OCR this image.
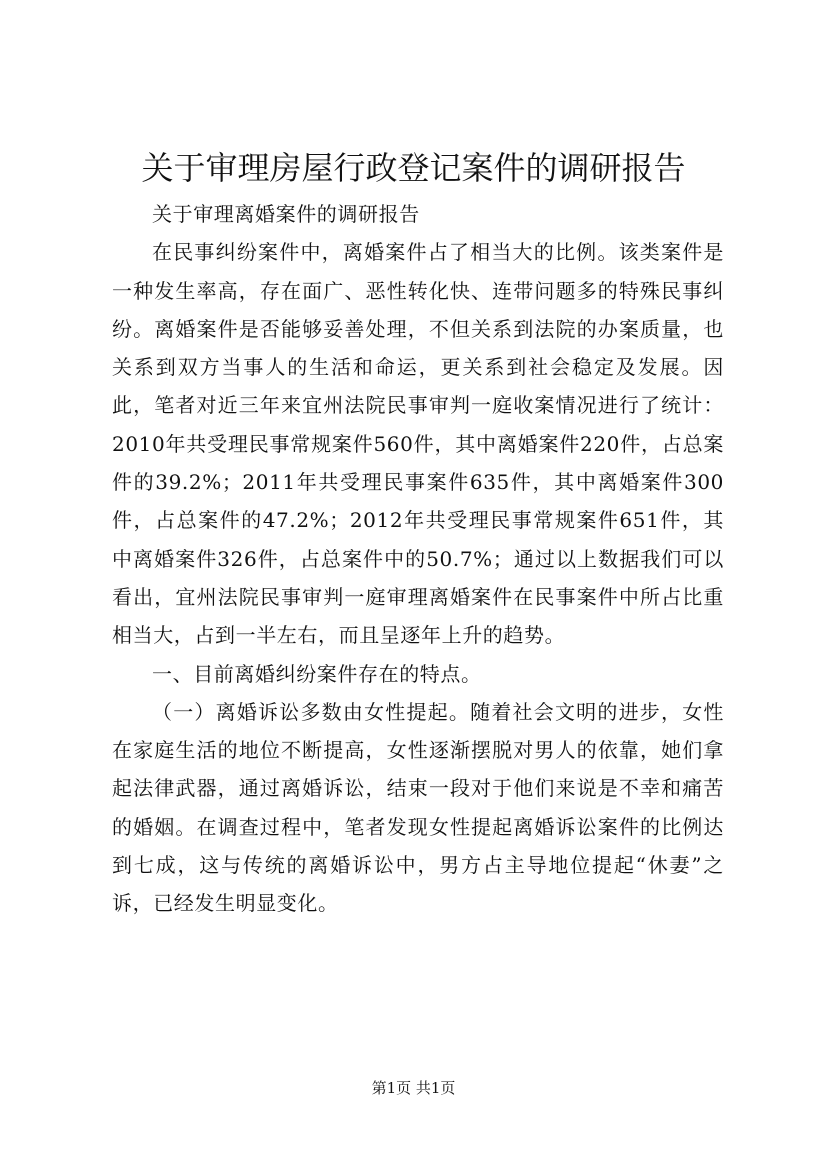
关于审理房屋行政登记案件的调研报告

关于审理离婚案件的调研报告

在民事纠纷案件中，离婚案件占了相当大的比例。该类案件是一种发生率高，存在面广、恶性转化快、连带问题多的特殊民事纠纷。离婚案件是否能够妥善处理，不但关系到法院的办案质量，也关系到双方当事人的生活和命运，更关系到社会稳定及发展。因此，笔者对近三年来宜州法院民事审判一庭收案情况进行了统计：2010年共受理民事常规案件560件，其中离婚案件220件，占总案件的39.2%；2011年共受理民事案件635件，其中离婚案件300件，占总案件的47.2%；2012年共受理民事常规案件651件，其中离婚案件326件，占总案件中的50.7%；通过以上数据我们可以看出，宜州法院民事审判一庭审理离婚案件在民事案件中所占比重相当大，占到一半左右，而且呈逐年上升的趋势。

一、目前离婚纠纷案件存在的特点。

（一）离婚诉讼多数由女性提起。随着社会文明的进步，女性在家庭生活的地位不断提高，女性逐渐摆脱对男人的依靠，她们拿起法律武器，通过离婚诉讼，结束一段对于他们来说是不幸和痛苦的婚姻。在调查过程中，笔者发现女性提起离婚诉讼案件的比例达到七成，这与传统的离婚诉讼中，男方占主导地位提起“休妻”之诉，已经发生明显变化。

第1页 共1页
